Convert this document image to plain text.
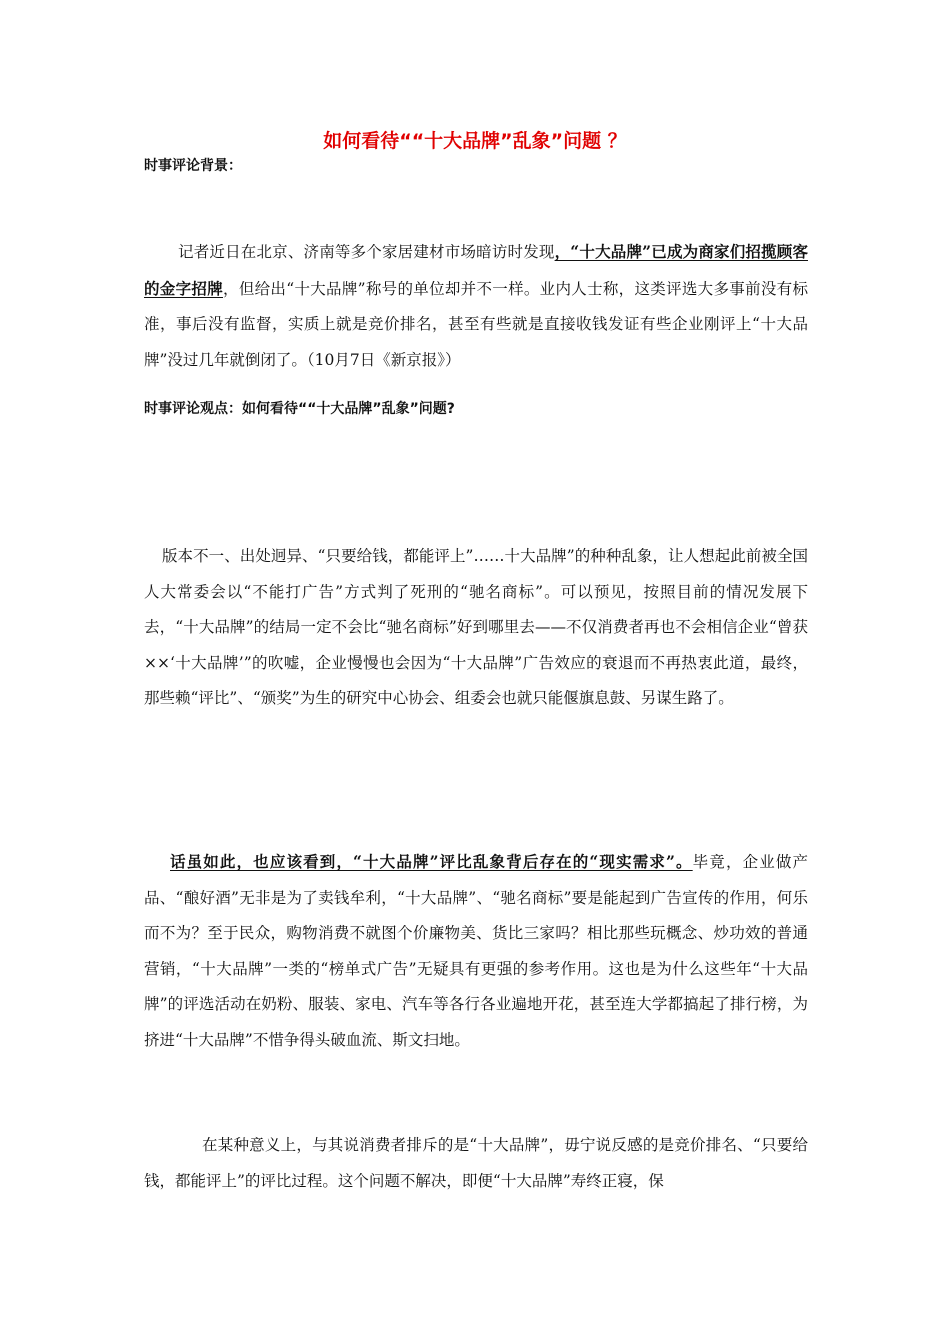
如何看待““十大品牌”乱象”问题 ？

时事评论背景：

记者近日在北京、济南等多个家居建材市场暗访时发现，“十大品牌”已成为商家们招揽顾客的金字招牌，但给出“十大品牌”称号的单位却并不一样。业内人士称，这类评选大多事前没有标准，事后没有监督，实质上就是竞价排名，甚至有些就是直接收钱发证有些企业刚评上“十大品牌”没过几年就倒闭了。（10月7日《新京报》）

时事评论观点：如何看待““十大品牌”乱象”问题?

版本不一、出处迥异、“只要给钱，都能评上”……十大品牌”的种种乱象，让人想起此前被全国人大常委会以“不能打广告”方式判了死刑的“驰名商标”。可以预见，按照目前的情况发展下去，“十大品牌”的结局一定不会比“驰名商标”好到哪里去——不仅消费者再也不会相信企业“曾获××‘十大品牌’”的吹嘘，企业慢慢也会因为“十大品牌”广告效应的衰退而不再热衷此道，最终，那些赖“评比”、“颁奖”为生的研究中心协会、组委会也就只能偃旗息鼓、另谋生路了。

话虽如此，也应该看到，“十大品牌”评比乱象背后存在的“现实需求”。毕竟，企业做产品、“酿好酒”无非是为了卖钱牟利，“十大品牌”、“驰名商标”要是能起到广告宣传的作用，何乐而不为？至于民众，购物消费不就图个价廉物美、货比三家吗？相比那些玩概念、炒功效的普通营销，“十大品牌”一类的“榜单式广告”无疑具有更强的参考作用。这也是为什么这些年“十大品牌”的评选活动在奶粉、服装、家电、汽车等各行各业遍地开花，甚至连大学都搞起了排行榜，为挤进“十大品牌”不惜争得头破血流、斯文扫地。

在某种意义上，与其说消费者排斥的是“十大品牌”，毋宁说反感的是竞价排名、“只要给钱，都能评上”的评比过程。这个问题不解决，即便“十大品牌”寿终正寝，保
